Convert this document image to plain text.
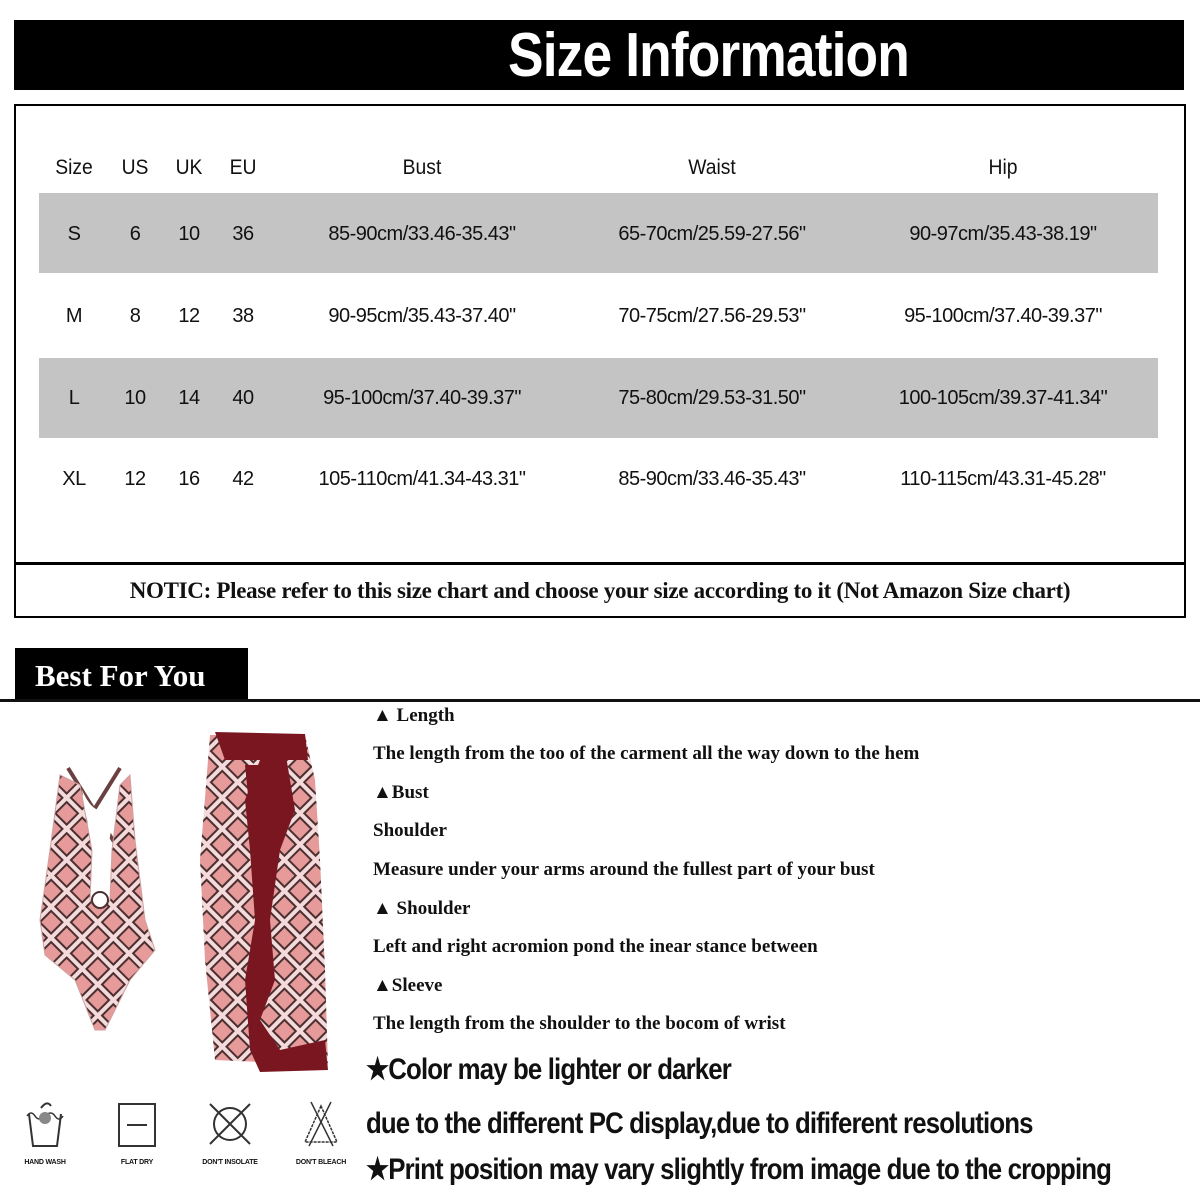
Size Information
Size	US	UK	EU	Bust	Waist	Hip
S	6	10	36	85-90cm/33.46-35.43"	65-70cm/25.59-27.56"	90-97cm/35.43-38.19"
M	8	12	38	90-95cm/35.43-37.40"	70-75cm/27.56-29.53"	95-100cm/37.40-39.37"
L	10	14	40	95-100cm/37.40-39.37"	75-80cm/29.53-31.50"	100-105cm/39.37-41.34"
XL	12	16	42	105-110cm/41.34-43.31"	85-90cm/33.46-35.43"	110-115cm/43.31-45.28"
NOTIC: Please refer to this size chart and choose your size according to it (Not Amazon Size chart)
Best For You
▲ Length
The length from the too of the carment all the way down to the hem
▲Bust
Shoulder
Measure under your arms around the fullest part of your bust
▲ Shoulder
Left and right acromion pond the inear stance between
▲Sleeve
The length from the shoulder to the bocom of wrist
★Color may be lighter or darker
due to the different PC display,due to dififerent resolutions
★Print position may vary slightly from image due to the cropping
HAND WASH	FLAT DRY	DON'T INSOLATE	DON'T BLEACH
